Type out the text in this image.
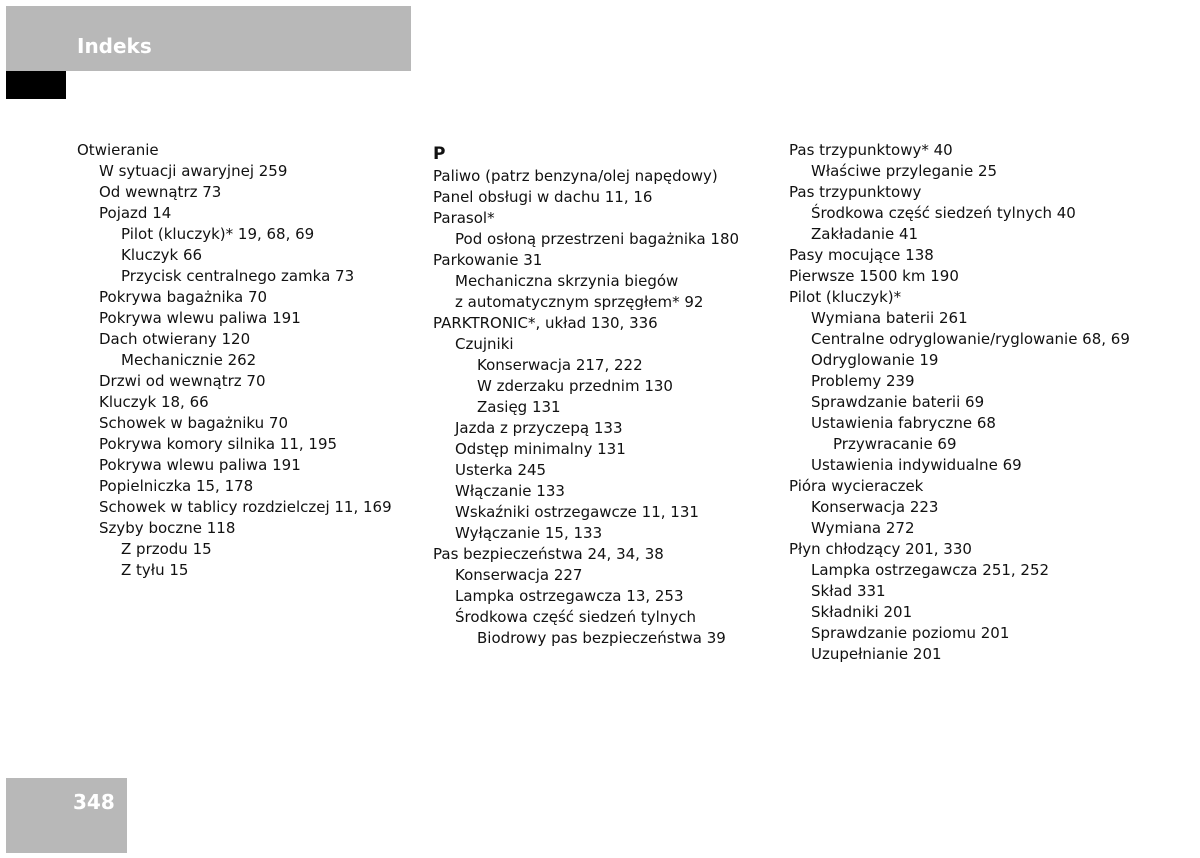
Indeks
Otwieranie
W sytuacji awaryjnej 259
Od wewnątrz 73
Pojazd 14
Pilot (kluczyk)* 19, 68, 69
Kluczyk 66
Przycisk centralnego zamka 73
Pokrywa bagażnika 70
Pokrywa wlewu paliwa 191
Dach otwierany 120
Mechanicznie 262
Drzwi od wewnątrz 70
Kluczyk 18, 66
Schowek w bagażniku 70
Pokrywa komory silnika 11, 195
Pokrywa wlewu paliwa 191
Popielniczka 15, 178
Schowek w tablicy rozdzielczej 11, 169
Szyby boczne 118
Z przodu 15
Z tyłu 15
P
Paliwo (patrz benzyna/olej napędowy)
Panel obsługi w dachu 11, 16
Parasol*
Pod osłoną przestrzeni bagażnika 180
Parkowanie 31
Mechaniczna skrzynia biegów
z automatycznym sprzęgłem* 92
PARKTRONIC*, układ 130, 336
Czujniki
Konserwacja 217, 222
W zderzaku przednim 130
Zasięg 131
Jazda z przyczepą 133
Odstęp minimalny 131
Usterka 245
Włączanie 133
Wskaźniki ostrzegawcze 11, 131
Wyłączanie 15, 133
Pas bezpieczeństwa 24, 34, 38
Konserwacja 227
Lampka ostrzegawcza 13, 253
Środkowa część siedzeń tylnych
Biodrowy pas bezpieczeństwa 39
Pas trzypunktowy* 40
Właściwe przyleganie 25
Pas trzypunktowy
Środkowa część siedzeń tylnych 40
Zakładanie 41
Pasy mocujące 138
Pierwsze 1500 km 190
Pilot (kluczyk)*
Wymiana baterii 261
Centralne odryglowanie/ryglowanie 68, 69
Odryglowanie 19
Problemy 239
Sprawdzanie baterii 69
Ustawienia fabryczne 68
Przywracanie 69
Ustawienia indywidualne 69
Pióra wycieraczek
Konserwacja 223
Wymiana 272
Płyn chłodzący 201, 330
Lampka ostrzegawcza 251, 252
Skład 331
Składniki 201
Sprawdzanie poziomu 201
Uzupełnianie 201
348
